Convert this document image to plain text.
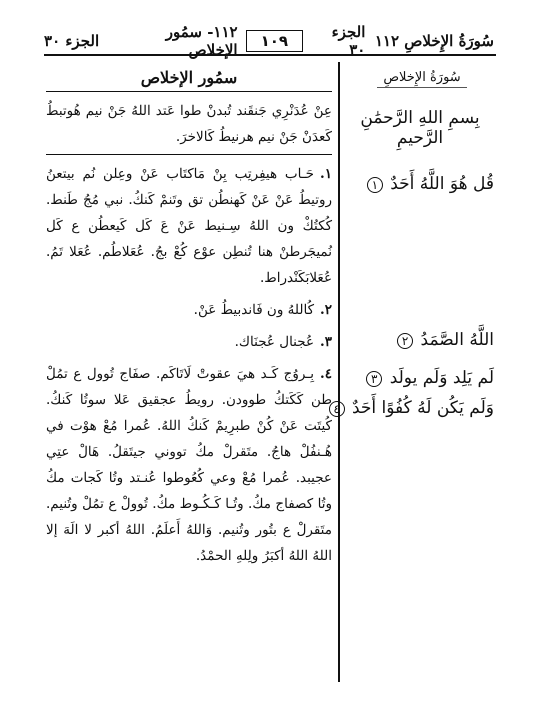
سُورَةُ الإِخلاصِ ١١٢
الجزء ٣٠
١٠٩
١١٢- سمُور الإخلاص
الجزء ٣٠
سُورَةُ الإِخلاصِ
بِسمِ اللهِ الرَّحمَٰنِ الرَّحيمِ
قُل هُوَ اللَّهُ أَحَدٌ ١
اللَّهُ الصَّمَدُ ٢
لَم يَلِد وَلَم يولَد ٣
وَلَم يَكُن لَهُ كُفُوًا أَحَدٌ ٤
سمُور الإخلاص

عِنْ عُدَنْرِي جَنقَند تُبدنْ طوا عَتد اللهُ جَنْ نيم هُوتبطُ كَعدَنْ جَنْ نيم هرنيطُ كَالاخرَ.

١.حَـاب هيفِرتِب بِنْ مَاكتَاب عَنْ وعِلن نُم بيتعنُ روتيطُ عَنْ عَنْ كَهنطُن تق وتَنمْ كَنكُ. نبي مُجُ طَنط. كُكتُكْ ون اللهُ سِـنيط عَنْ عَ كَل كَيعطُن ع كَل نُميجَرطنْ هنا تُنطِن عوْع كُعْ بجُ. عُعَلاطُم. عُعَلا تَمُ. عُعَلابَكَنْدراط.

٢.كُاللهُ ون فَاندبيطُ عَنْ.

٣.عُجنال عُجنَاك.

٤.بِـروُج كَـد هيَ عقوتْ لَاتَاكَم. صفَاج تُوول ع تمُلْ طن كَكَتكُ طوودن. رويطُ عجقيق عَلا سوتُا كَنكُ. كُيتَت عَنْ كُنْ طبرِيمْ كَنكُ اللهُ. عُمرا مُعْ هوْت في هُـنفُلْ هاجُ. متَقرلْ مكُ تووني جيتَقلُ. هَالْ عتِي عجيبد. عُمرا مُعْ وعي كُعُوطوا عُنـتد وتُا كَجات مكُ وتُا كصفاج مكُ. وتُـا كَـكُـوط مكُ. تُوولْ ع تمُلْ وتُنيم. متَقرلْ ع بتُور وتُنيم. وَاللهُ أَعلَمُ. اللهُ أكبر لا الَهَ إلا اللهُ اللهُ أكبَرُ ولِلهِ الحمْدُ.
